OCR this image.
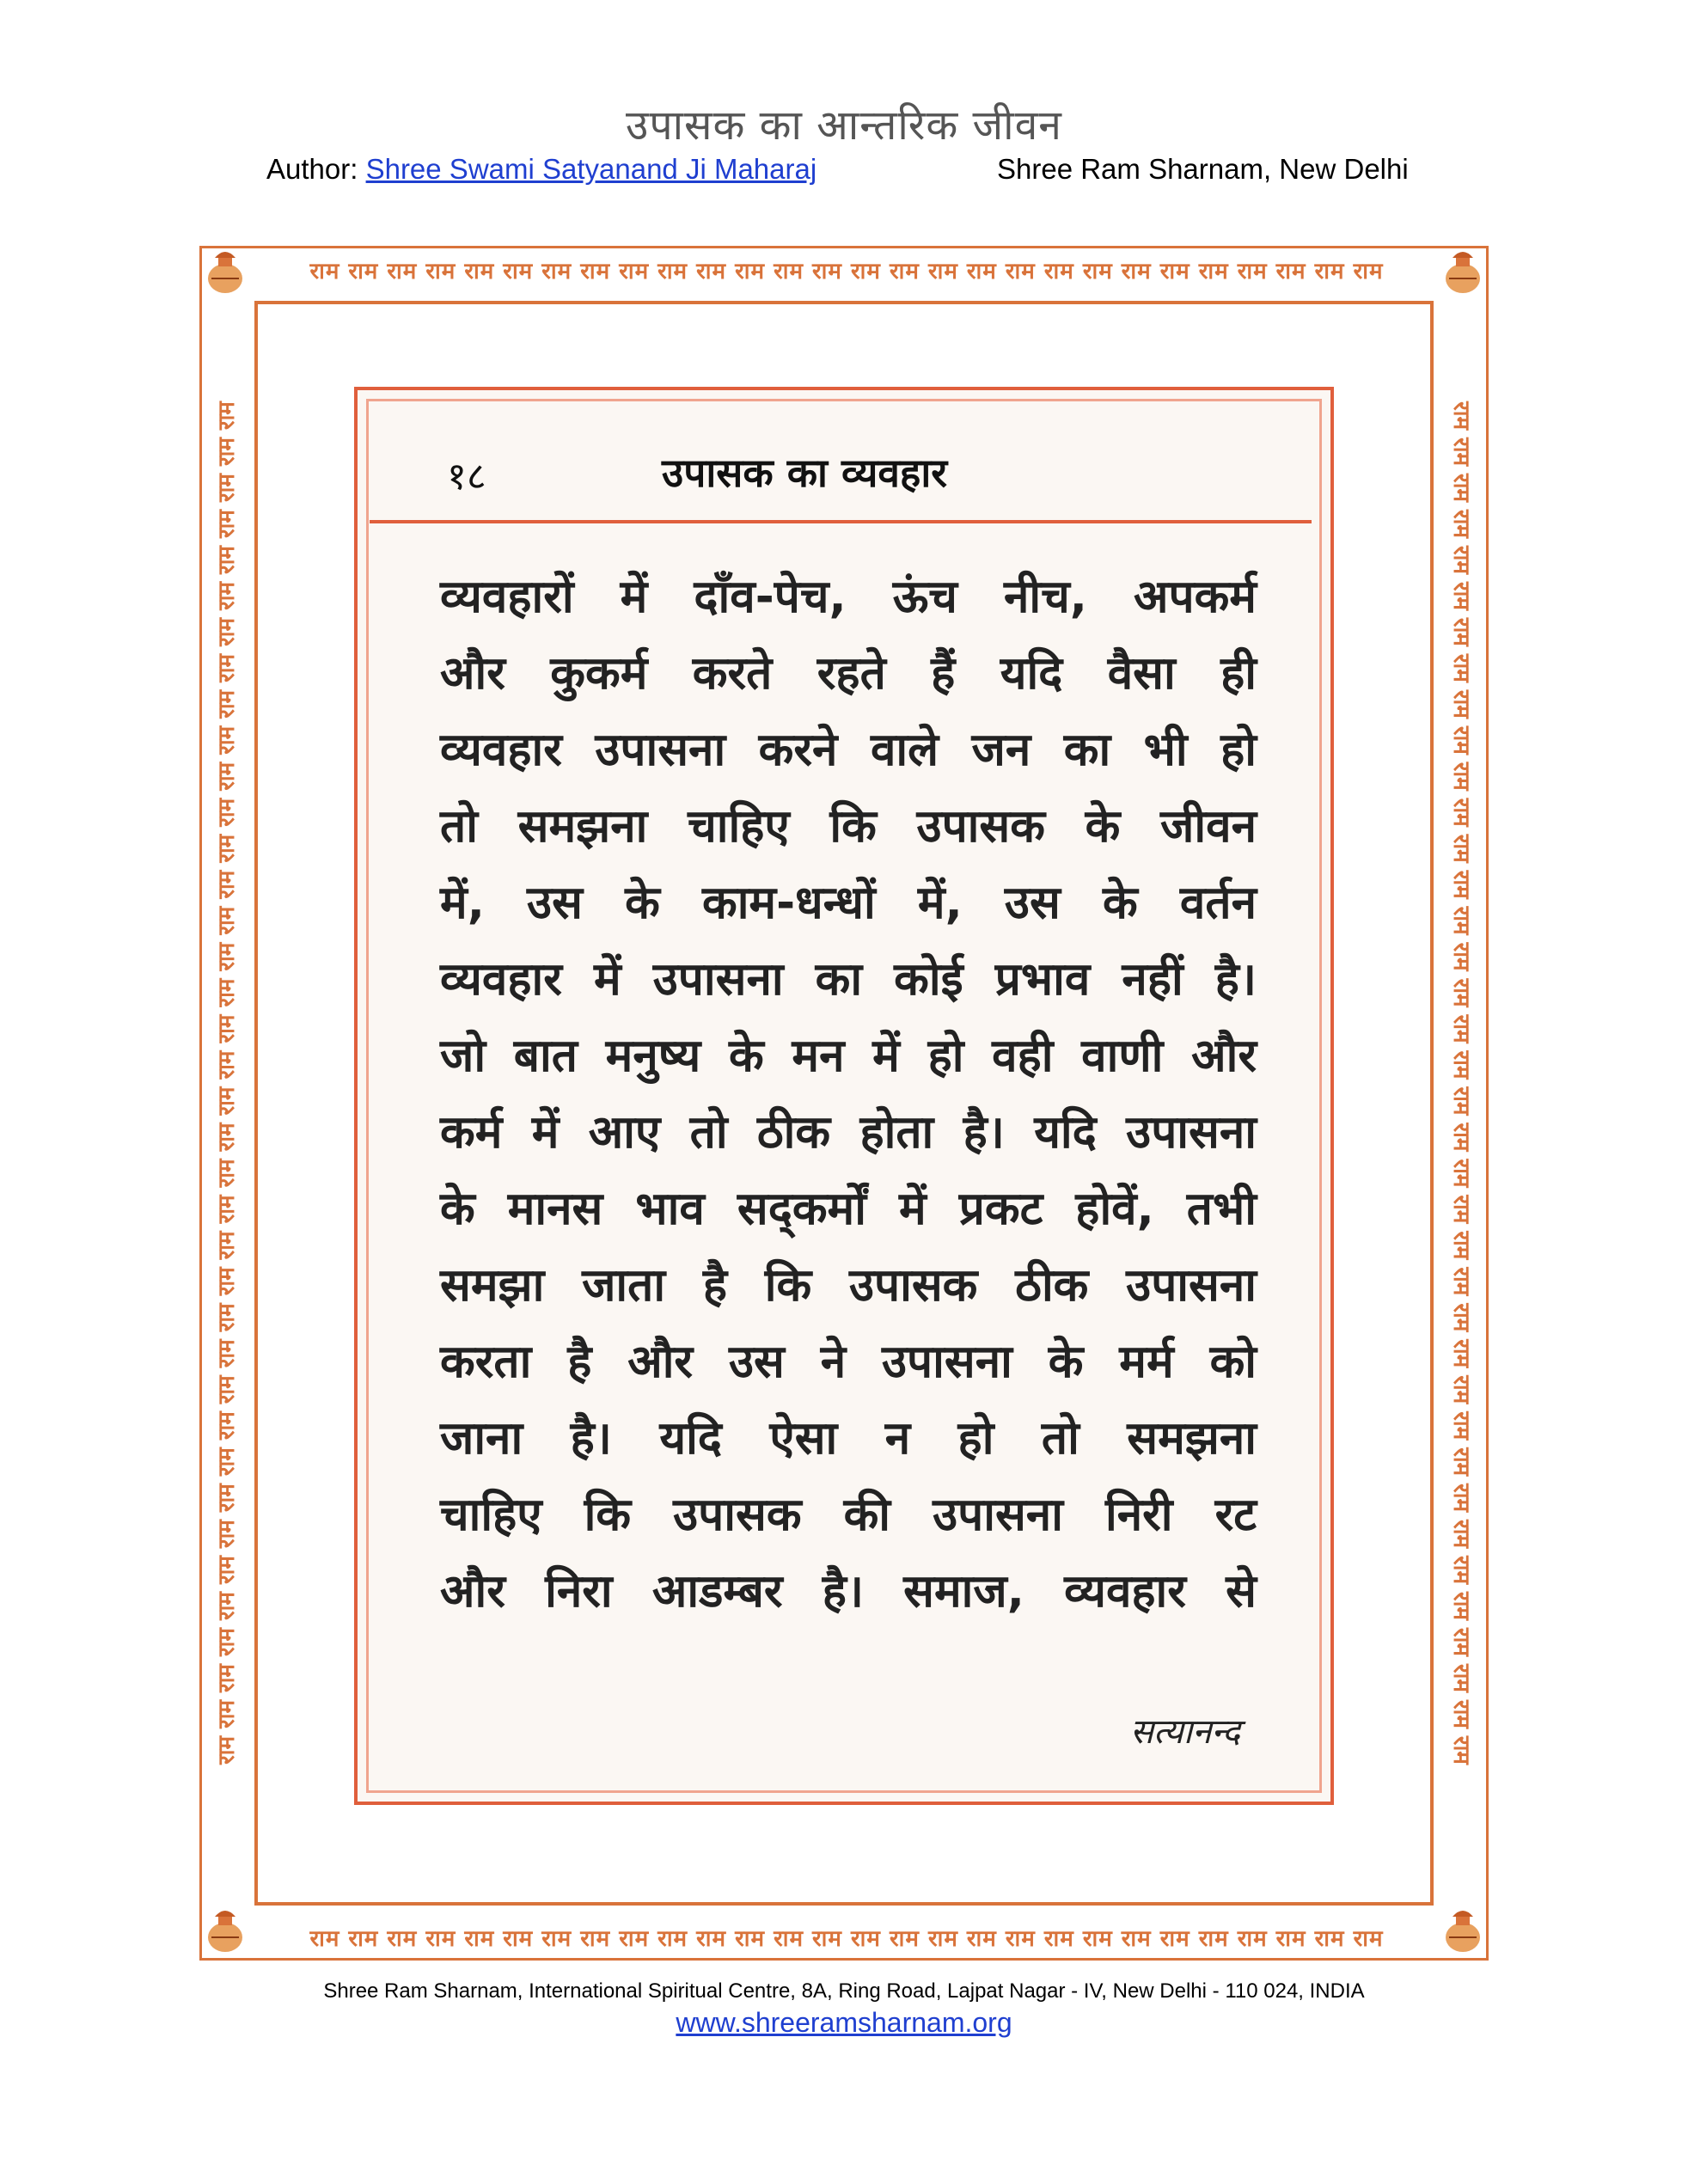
उपासक का आन्तरिक जीवन
Author: Shree Swami Satyanand Ji Maharaj	Shree Ram Sharnam, New Delhi
राम राम राम राम राम राम राम राम राम राम राम राम राम राम राम राम राम राम राम राम राम राम राम राम राम राम राम राम
राम राम राम राम राम राम राम राम राम राम राम राम राम राम राम राम राम राम राम राम राम राम राम राम राम राम राम राम
राम राम राम राम राम राम राम राम राम राम राम राम राम राम राम राम राम राम राम राम राम राम राम राम राम राम राम राम राम राम राम राम राम राम राम राम राम राम	राम राम राम राम राम राम राम राम राम राम राम राम राम राम राम राम राम राम राम राम राम राम राम राम राम राम राम राम राम राम राम राम राम राम राम राम राम राम
१८	उपासक का व्यवहार
व्यवहारों में दाँव-पेच, ऊंच नीच, अपकर्म
और कुकर्म करते रहते हैं यदि वैसा ही
व्यवहार उपासना करने वाले जन का भी हो
तो समझना चाहिए कि उपासक के जीवन
में, उस के काम-धन्धों में, उस के वर्तन
व्यवहार में उपासना का कोई प्रभाव नहीं है।
जो बात मनुष्य के मन में हो वही वाणी और
कर्म में आए तो ठीक होता है। यदि उपासना
के मानस भाव सद्कर्मों में प्रकट होवें, तभी
समझा जाता है कि उपासक ठीक उपासना
करता है और उस ने उपासना के मर्म को
जाना है। यदि ऐसा न हो तो समझना
चाहिए कि उपासक की उपासना निरी रट
और निरा आडम्बर है। समाज, व्यवहार से
सत्यानन्द
Shree Ram Sharnam, International Spiritual Centre, 8A, Ring Road, Lajpat Nagar - IV, New Delhi - 110 024, INDIA
www.shreeramsharnam.org
